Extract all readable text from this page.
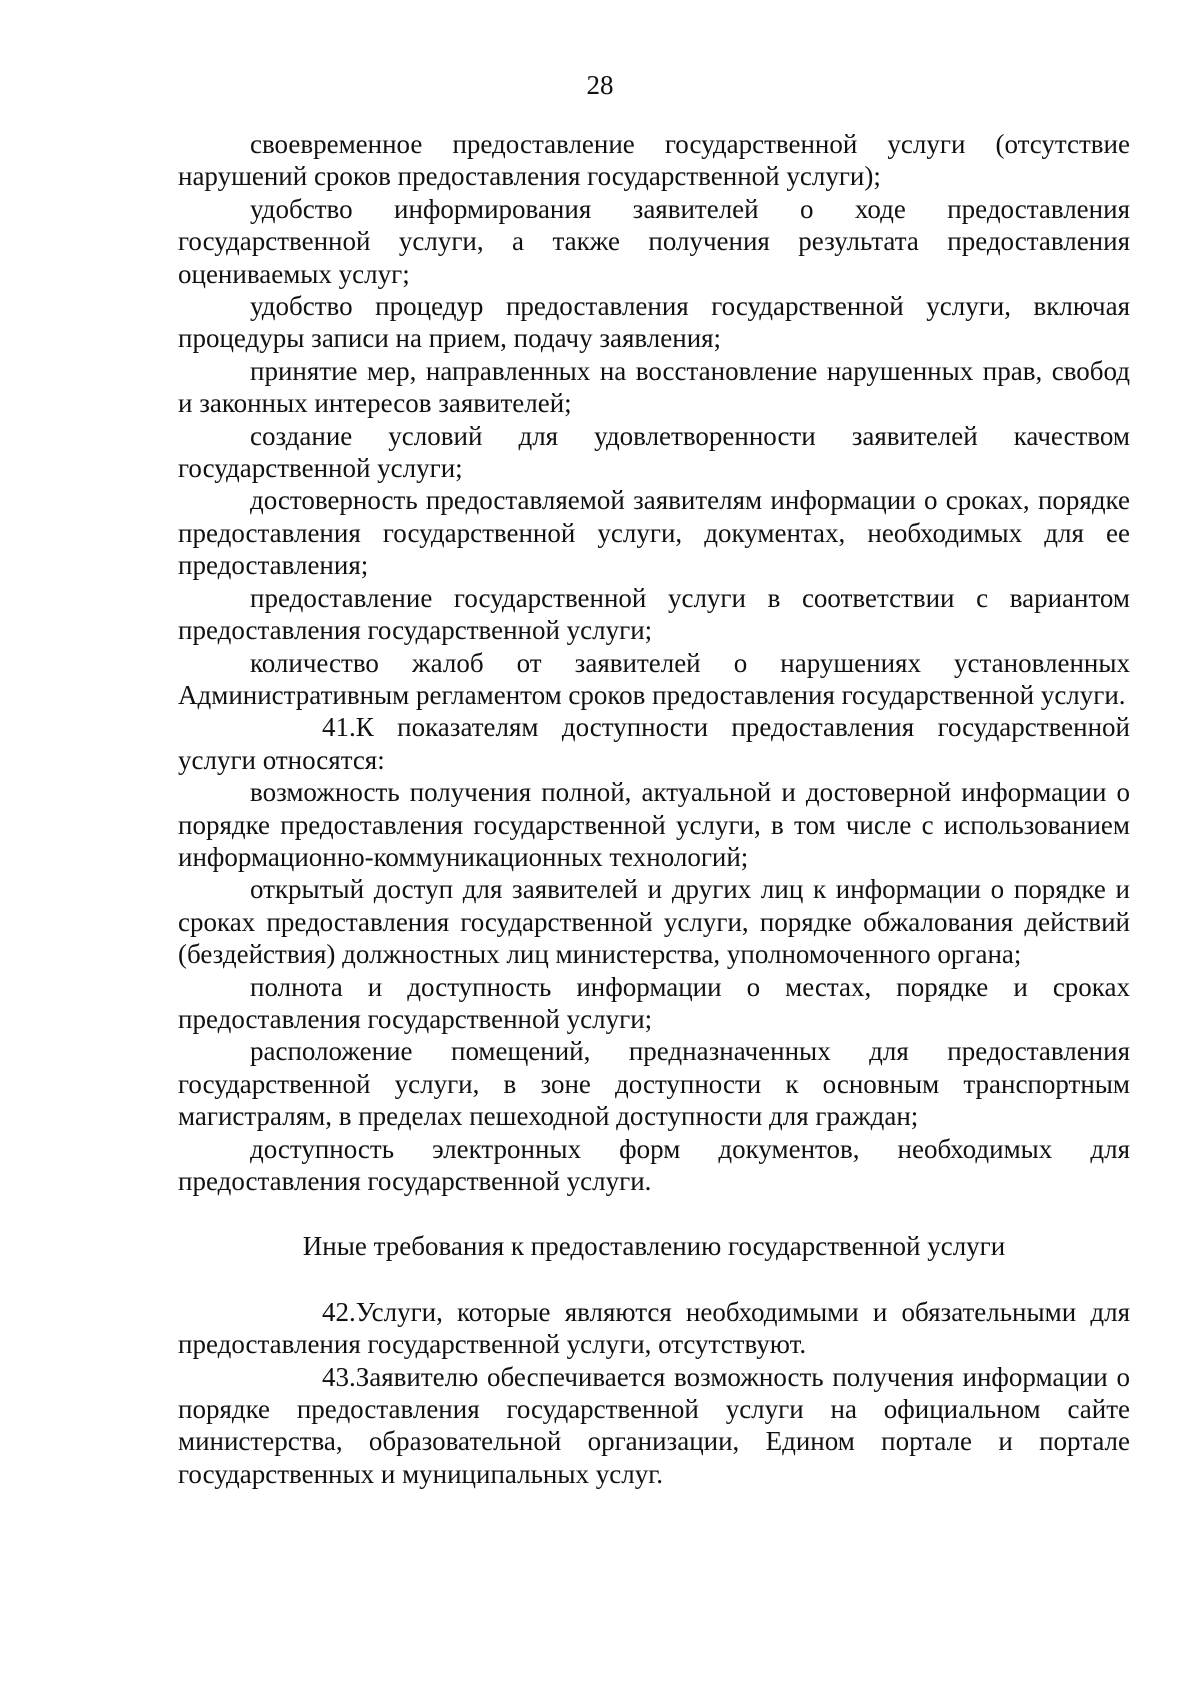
28

своевременное предоставление государственной услуги (отсутствие нарушений сроков предоставления государственной услуги);

удобство информирования заявителей о ходе предоставления государственной услуги, а также получения результата предоставления оцениваемых услуг;

удобство процедур предоставления государственной услуги, включая процедуры записи на прием, подачу заявления;

принятие мер, направленных на восстановление нарушенных прав, свобод и законных интересов заявителей;

создание условий для удовлетворенности заявителей качеством государственной услуги;

достоверность предоставляемой заявителям информации о сроках, порядке предоставления государственной услуги, документах, необходимых для ее предоставления;

предоставление государственной услуги в соответствии с вариантом предоставления государственной услуги;

количество жалоб от заявителей о нарушениях установленных Административным регламентом сроков предоставления государственной услуги.

41.К показателям доступности предоставления государственной услуги относятся:

возможность получения полной, актуальной и достоверной информации о порядке предоставления государственной услуги, в том числе с использованием информационно-коммуникационных технологий;

открытый доступ для заявителей и других лиц к информации о порядке и сроках предоставления государственной услуги, порядке обжалования действий (бездействия) должностных лиц министерства, уполномоченного органа;

полнота и доступность информации о местах, порядке и сроках предоставления государственной услуги;

расположение помещений, предназначенных для предоставления государственной услуги, в зоне доступности к основным транспортным магистралям, в пределах пешеходной доступности для граждан;

доступность электронных форм документов, необходимых для предоставления государственной услуги.

Иные требования к предоставлению государственной услуги

42.Услуги, которые являются необходимыми и обязательными для предоставления государственной услуги, отсутствуют.

43.Заявителю обеспечивается возможность получения информации о порядке предоставления государственной услуги на официальном сайте министерства, образовательной организации, Едином портале и портале государственных и муниципальных услуг.
